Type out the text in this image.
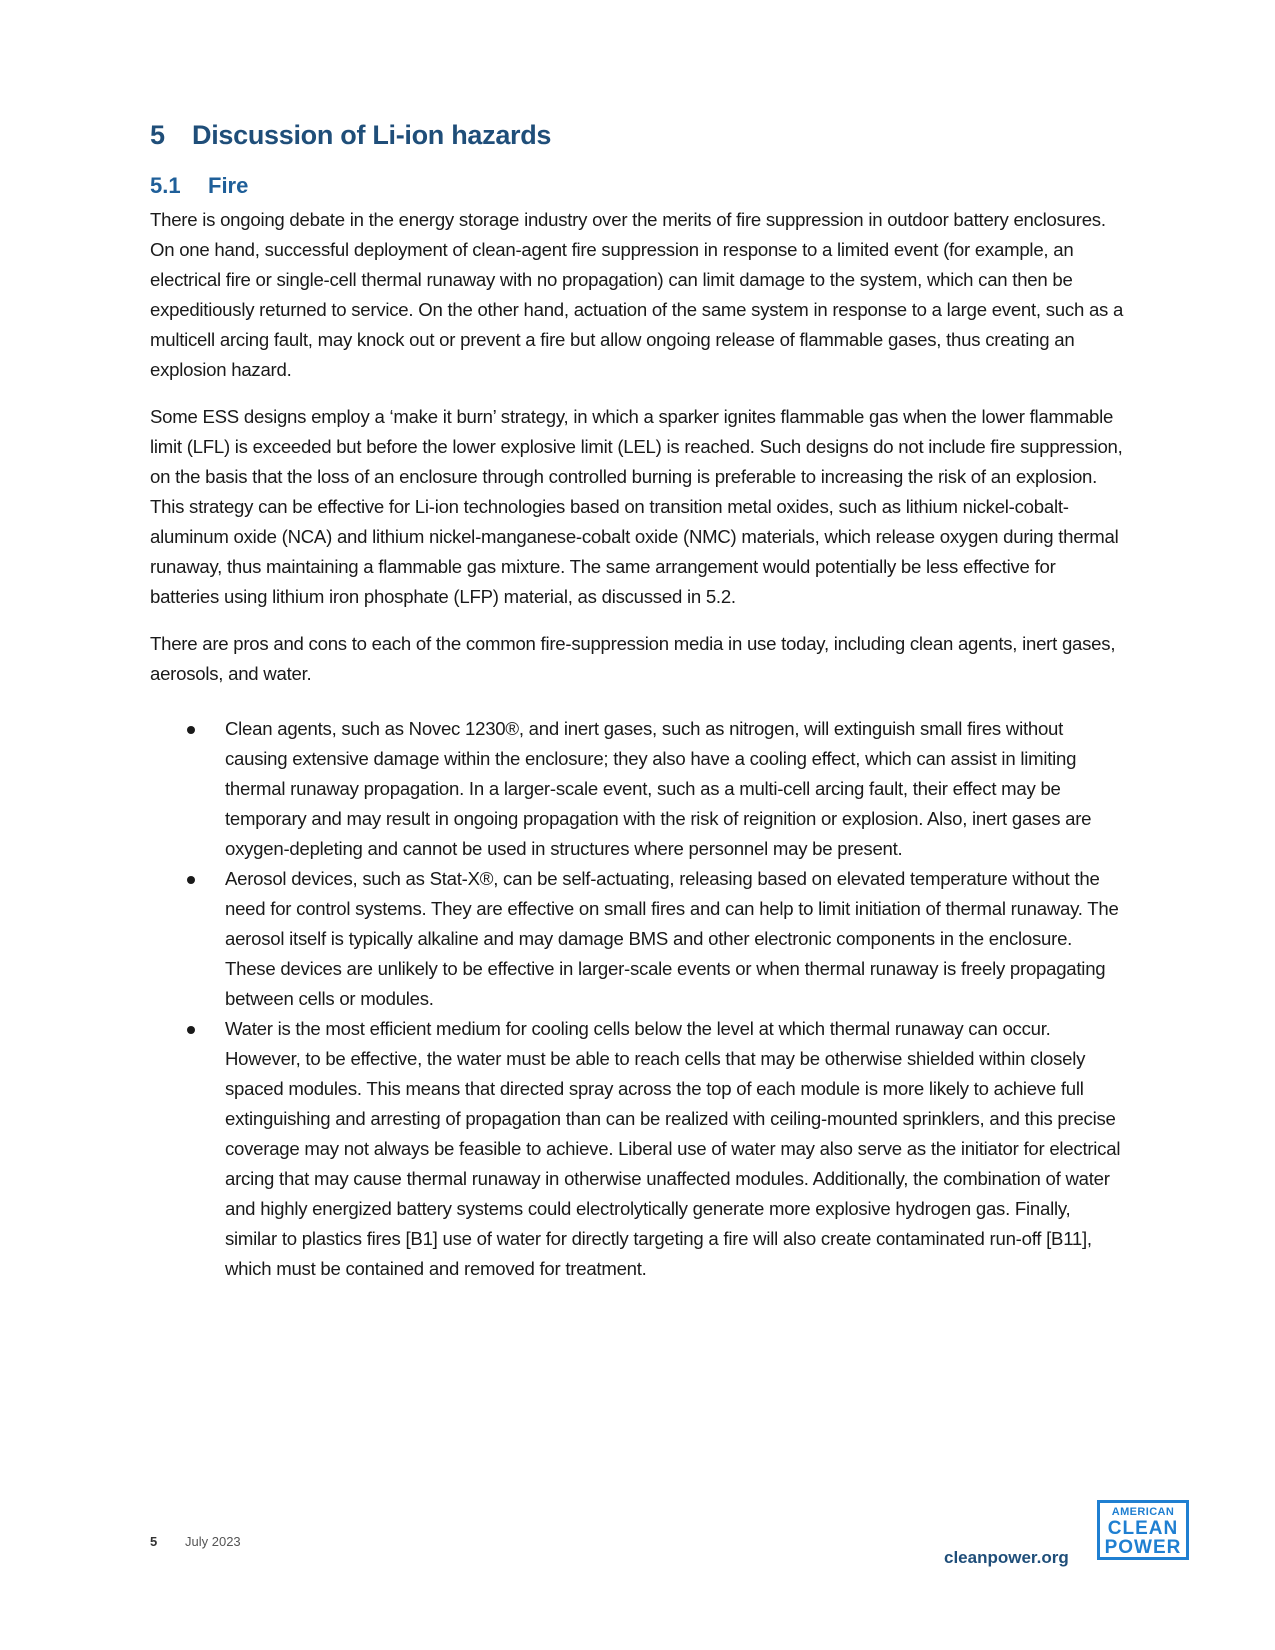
5 Discussion of Li-ion hazards
5.1 Fire

There is ongoing debate in the energy storage industry over the merits of fire suppression in outdoor battery enclosures. On one hand, successful deployment of clean-agent fire suppression in response to a limited event (for example, an electrical fire or single-cell thermal runaway with no propagation) can limit damage to the system, which can then be expeditiously returned to service. On the other hand, actuation of the same system in response to a large event, such as a multicell arcing fault, may knock out or prevent a fire but allow ongoing release of flammable gases, thus creating an explosion hazard.

Some ESS designs employ a ‘make it burn’ strategy, in which a sparker ignites flammable gas when the lower flammable limit (LFL) is exceeded but before the lower explosive limit (LEL) is reached. Such designs do not include fire suppression, on the basis that the loss of an enclosure through controlled burning is preferable to increasing the risk of an explosion. This strategy can be effective for Li-ion technologies based on transition metal oxides, such as lithium nickel-cobalt-aluminum oxide (NCA) and lithium nickel-manganese-cobalt oxide (NMC) materials, which release oxygen during thermal runaway, thus maintaining a flammable gas mixture. The same arrangement would potentially be less effective for batteries using lithium iron phosphate (LFP) material, as discussed in 5.2.

There are pros and cons to each of the common fire-suppression media in use today, including clean agents, inert gases, aerosols, and water.

Clean agents, such as Novec 1230®, and inert gases, such as nitrogen, will extinguish small fires without causing extensive damage within the enclosure; they also have a cooling effect, which can assist in limiting thermal runaway propagation. In a larger-scale event, such as a multi-cell arcing fault, their effect may be temporary and may result in ongoing propagation with the risk of reignition or explosion. Also, inert gases are oxygen-depleting and cannot be used in structures where personnel may be present.
Aerosol devices, such as Stat-X®, can be self-actuating, releasing based on elevated temperature without the need for control systems. They are effective on small fires and can help to limit initiation of thermal runaway. The aerosol itself is typically alkaline and may damage BMS and other electronic components in the enclosure. These devices are unlikely to be effective in larger-scale events or when thermal runaway is freely propagating between cells or modules.
Water is the most efficient medium for cooling cells below the level at which thermal runaway can occur. However, to be effective, the water must be able to reach cells that may be otherwise shielded within closely spaced modules. This means that directed spray across the top of each module is more likely to achieve full extinguishing and arresting of propagation than can be realized with ceiling-mounted sprinklers, and this precise coverage may not always be feasible to achieve. Liberal use of water may also serve as the initiator for electrical arcing that may cause thermal runaway in otherwise unaffected modules. Additionally, the combination of water and highly energized battery systems could electrolytically generate more explosive hydrogen gas. Finally, similar to plastics fires [B1] use of water for directly targeting a fire will also create contaminated run-off [B11], which must be contained and removed for treatment.
5 July 2023
cleanpower.org
AMERICAN
CLEAN
POWER
